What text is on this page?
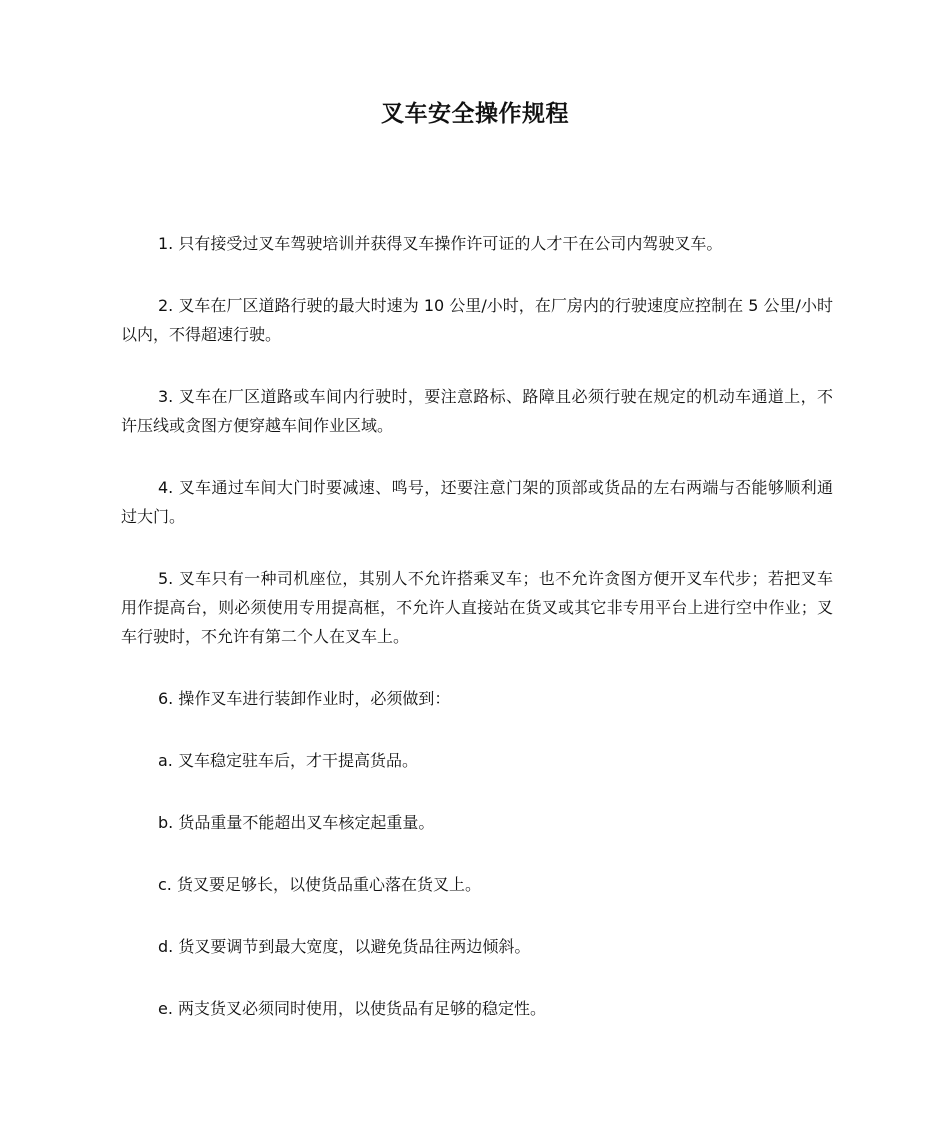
叉车安全操作规程

1. 只有接受过叉车驾驶培训并获得叉车操作许可证的人才干在公司内驾驶叉车。

2. 叉车在厂区道路行驶的最大时速为 10 公里/小时，在厂房内的行驶速度应控制在 5 公里/小时以内，不得超速行驶。

3. 叉车在厂区道路或车间内行驶时，要注意路标、路障且必须行驶在规定的机动车通道上，不许压线或贪图方便穿越车间作业区域。

4. 叉车通过车间大门时要减速、鸣号，还要注意门架的顶部或货品的左右两端与否能够顺利通过大门。

5. 叉车只有一种司机座位，其别人不允许搭乘叉车；也不允许贪图方便开叉车代步；若把叉车用作提高台，则必须使用专用提高框，不允许人直接站在货叉或其它非专用平台上进行空中作业；叉车行驶时，不允许有第二个人在叉车上。

6. 操作叉车进行装卸作业时，必须做到：

a. 叉车稳定驻车后，才干提高货品。

b. 货品重量不能超出叉车核定起重量。

c. 货叉要足够长，以使货品重心落在货叉上。

d. 货叉要调节到最大宽度，以避免货品往两边倾斜。

e. 两支货叉必须同时使用，以使货品有足够的稳定性。
